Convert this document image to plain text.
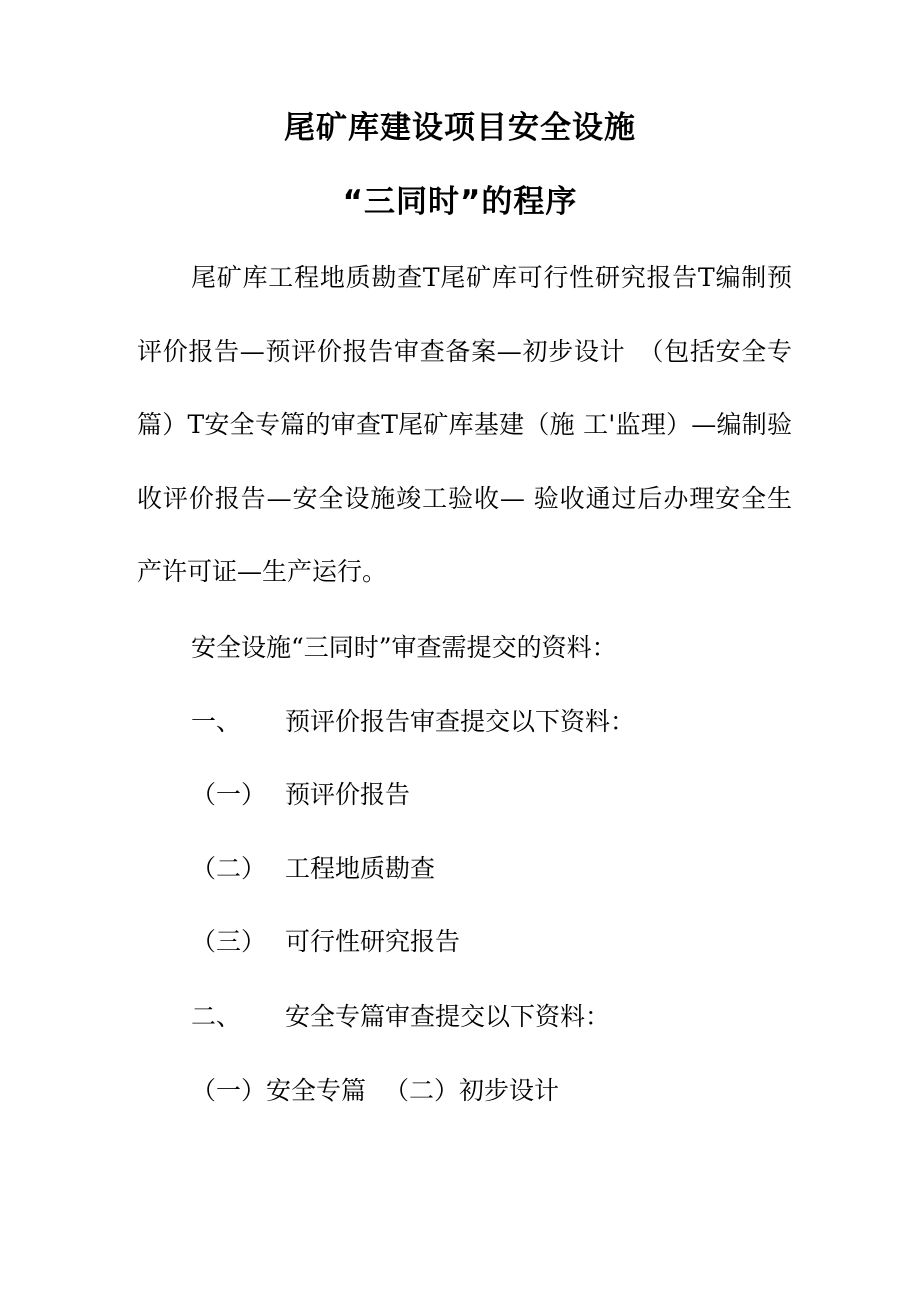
尾矿库建设项目安全设施
“三同时”的程序

尾矿库工程地质勘查T尾矿库可行性研究报告T编制预评价报告—预评价报告审查备案—初步设计　（包括安全专篇）T安全专篇的审查T尾矿库基建（施 工'监理）—编制验收评价报告—安全设施竣工验收— 验收通过后办理安全生产许可证—生产运行。

安全设施“三同时”审查需提交的资料：
一、 预评价报告审查提交以下资料：
（一） 预评价报告
（二） 工程地质勘查
（三） 可行性研究报告
二、 安全专篇审查提交以下资料：
（一）安全专篇 （二）初步设计
